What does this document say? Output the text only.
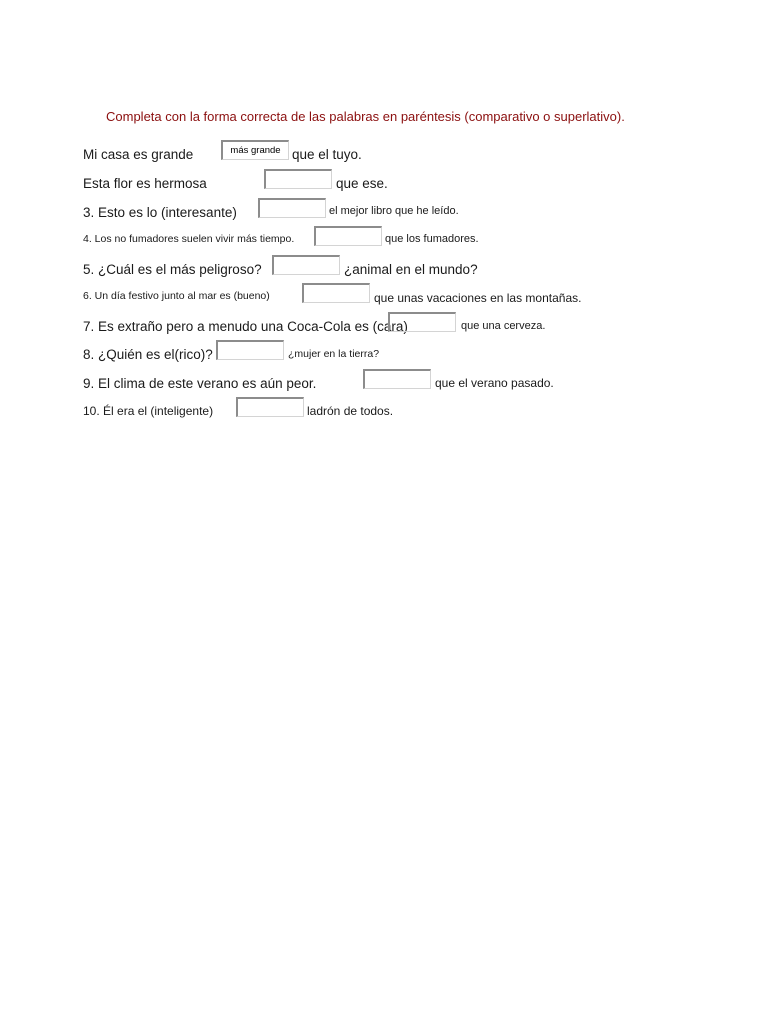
Completa con la forma correcta de las palabras en paréntesis (comparativo o superlativo).
Mi casa es grande	más grande que el tuyo.
Esta flor es hermosa	que ese.
3. Esto es lo (interesante)	el mejor libro que he leído.
4. Los no fumadores suelen vivir más tiempo.	que los fumadores.
5. ¿Cuál es el más peligroso?	¿animal en el mundo?
6. Un día festivo junto al mar es (bueno)	que unas vacaciones en las montañas.
7. Es extraño pero a menudo una Coca-Cola es (cara)	que una cerveza.
8. ¿Quién es el(rico)?	¿mujer en la tierra?
9. El clima de este verano es aún peor.	que el verano pasado.
10. Él era el (inteligente)	ladrón de todos.
